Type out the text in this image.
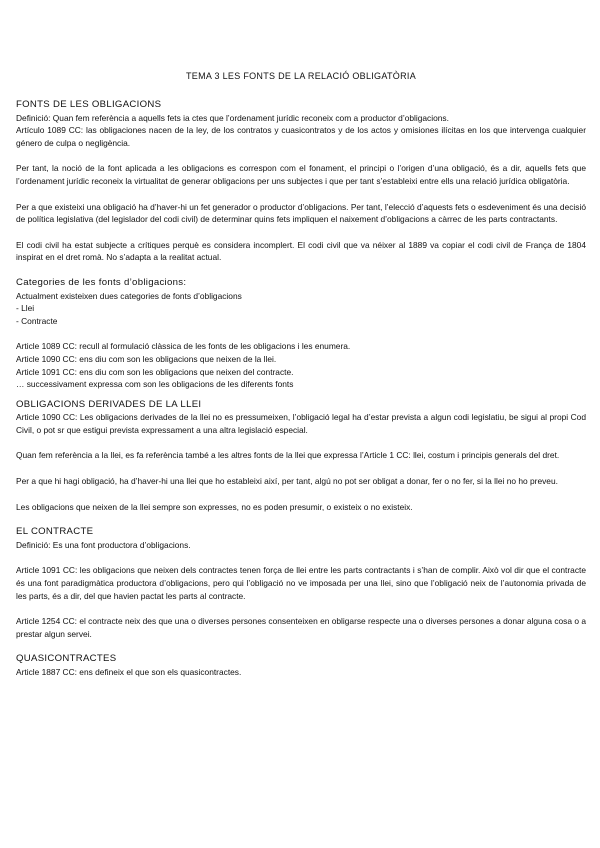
TEMA 3 LES FONTS DE LA RELACIÓ OBLIGATÒRIA
FONTS DE LES OBLIGACIONS

Definició: Quan fem referència a aquells fets ia ctes que l’ordenament jurídic reconeix com a productor d’obligacions.

Artículo 1089 CC: las obligaciones nacen de la ley, de los contratos y cuasicontratos y de los actos y omisiones ilícitas en los que intervenga cualquier género de culpa o negligència.

Per tant, la noció de la font aplicada a les obligacions es correspon com el fonament, el principi o l’origen d’una obligació, és a dir, aquells fets que l’ordenament jurídic reconeix la virtualitat de generar obligacions per uns subjectes i que per tant s’estableixi entre ells una relació jurídica obligatòria.

Per a que existeixi una obligació ha d’haver-hi un fet generador o productor d’obligacions. Per tant, l’elecció d’aquests fets o esdeveniment és una decisió de política legislativa (del legislador del codi civil) de determinar quins fets impliquen el naixement d’obligacions a càrrec de les parts contractants.

El codi civil ha estat subjecte a crítiques perquè es considera incomplert. El codi civil que va néixer al 1889 va copiar el codi civil de França de 1804 inspirat en el dret romà. No s’adapta a la realitat actual.

Categories de les fonts d’obligacions:
Actualment existeixen dues categories de fonts d’obligacions
- Llei
- Contracte
Article 1089 CC: recull al formulació clàssica de les fonts de les obligacions i les enumera.
Article 1090 CC: ens diu com son les obligacions que neixen de la llei.
Article 1091 CC: ens diu com son les obligacions que neixen del contracte.
… successivament expressa com son les obligacions de les diferents fonts
OBLIGACIONS DERIVADES DE LA LLEI

Article 1090 CC: Les obligacions derivades de la llei no es pressumeixen, l’obligació legal ha d’estar prevista a algun codi legislatiu, be sigui al propi Cod Civil, o pot sr que estigui prevista expressament a una altra legislació especial.

Quan fem referència a la llei, es fa referència també a les altres fonts de la llei que expressa l’Article 1 CC: llei, costum i principis generals del dret.

Per a que hi hagi obligació, ha d’haver-hi una llei que ho estableixi així, per tant, algú no pot ser obligat a donar, fer o no fer, si la llei no ho preveu.

Les obligacions que neixen de la llei sempre son expresses, no es poden presumir, o existeix o no existeix.

EL CONTRACTE

Definició: Es una font productora d’obligacions.

Article 1091 CC: les obligacions que neixen dels contractes tenen força de llei entre les parts contractants i s’han de complir. Això vol dir que el contracte és una font paradigmàtica productora d’obligacions, pero qui l’obligació no ve imposada per una llei, sino que l’obligació neix de l’autonomia privada de les parts, és a dir, del que havien pactat les parts al contracte.

Article 1254 CC: el contracte neix des que una o diverses persones consenteixen en obligarse respecte una o diverses persones a donar alguna cosa o a prestar algun servei.

QUASICONTRACTES

Article 1887 CC: ens defineix el que son els quasicontractes.
